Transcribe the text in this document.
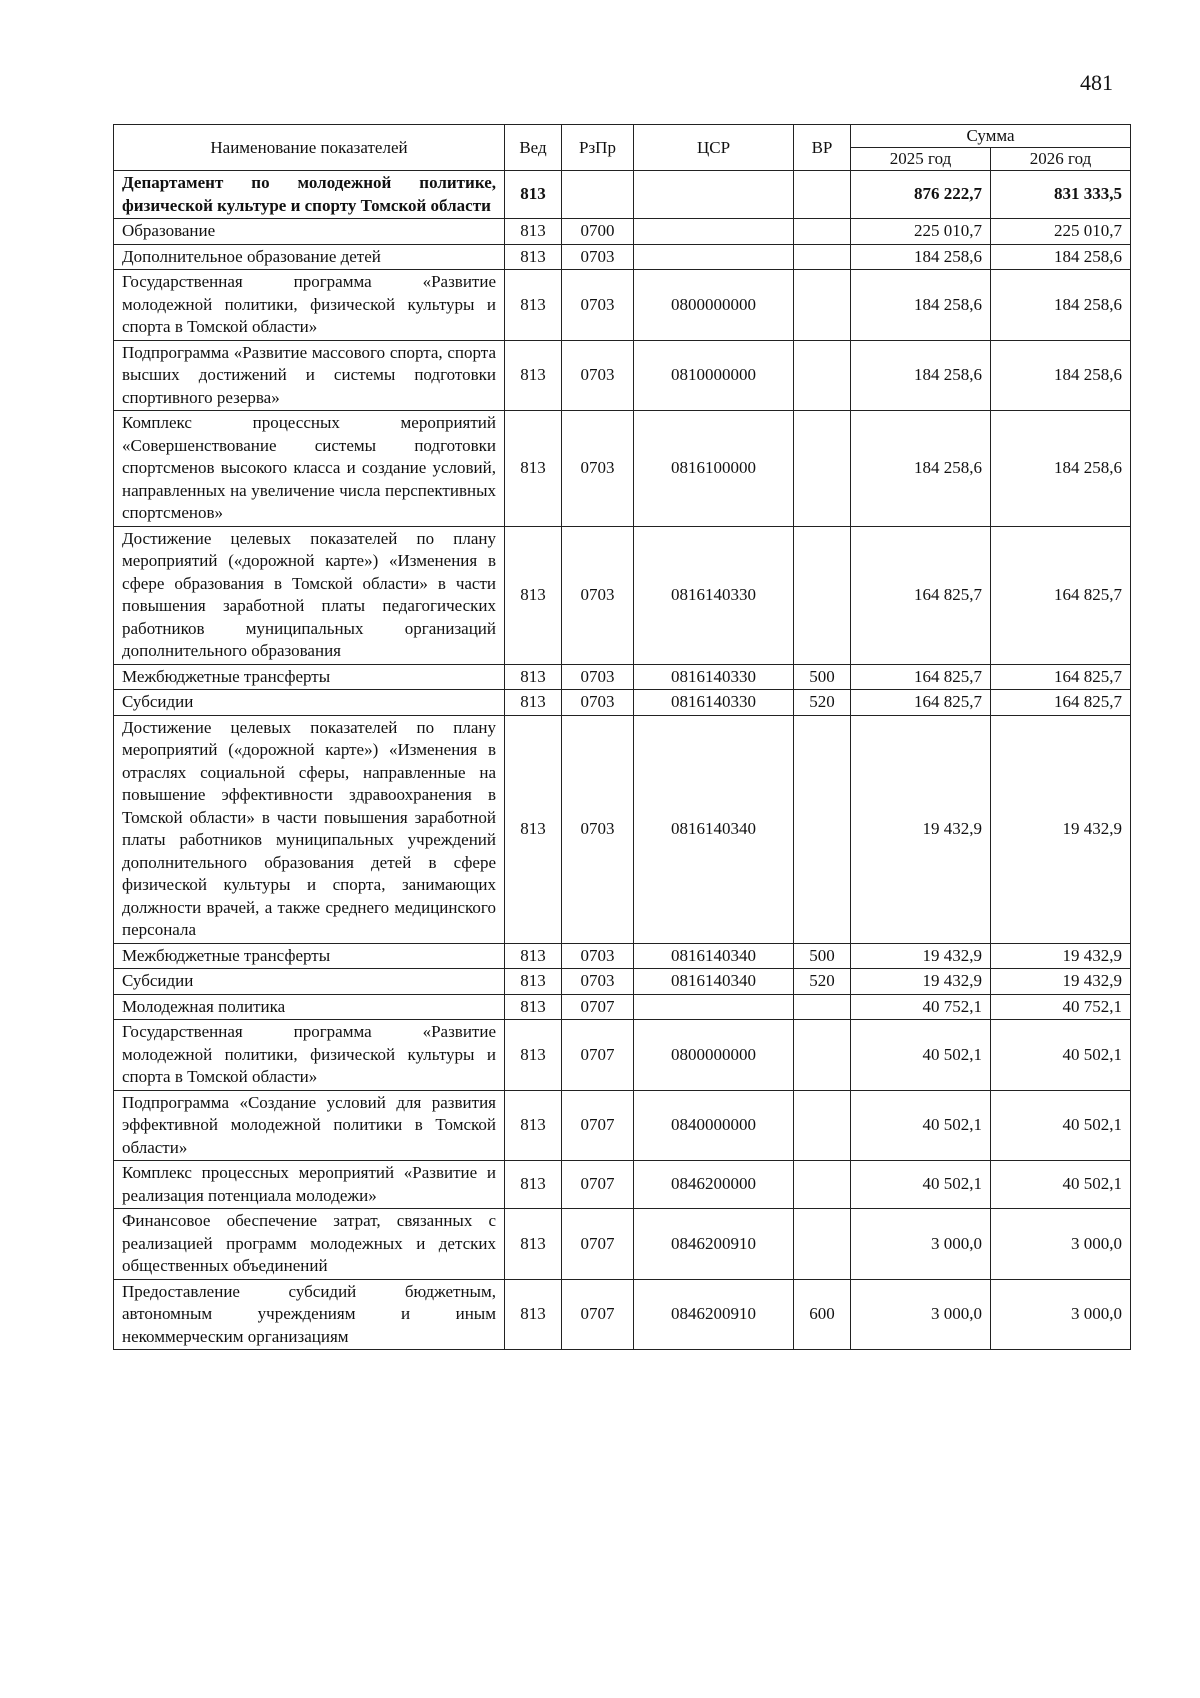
481
Наименование показателей	Вед	РзПр	ЦСР	ВР	Сумма	
					2025 год	2026 год
Департамент по молодежной политике, физической культуре и спорту Томской области	813				876 222,7	831 333,5
Образование	813	0700			225 010,7	225 010,7
Дополнительное образование детей	813	0703			184 258,6	184 258,6
Государственная программа «Развитие молодежной политики, физической культуры и спорта в Томской области»	813	0703	0800000000		184 258,6	184 258,6
Подпрограмма «Развитие массового спорта, спорта высших достижений и системы подготовки спортивного резерва»	813	0703	0810000000		184 258,6	184 258,6
Комплекс процессных мероприятий «Совершенствование системы подготовки спортсменов высокого класса и создание условий, направленных на увеличение числа перспективных спортсменов»	813	0703	0816100000		184 258,6	184 258,6
Достижение целевых показателей по плану мероприятий («дорожной карте») «Изменения в сфере образования в Томской области» в части повышения заработной платы педагогических работников муниципальных организаций дополнительного образования	813	0703	0816140330		164 825,7	164 825,7
Межбюджетные трансферты	813	0703	0816140330	500	164 825,7	164 825,7
Субсидии	813	0703	0816140330	520	164 825,7	164 825,7
Достижение целевых показателей по плану мероприятий («дорожной карте») «Изменения в отраслях социальной сферы, направленные на повышение эффективности здравоохранения в Томской области» в части повышения заработной платы работников муниципальных учреждений дополнительного образования детей в сфере физической культуры и спорта, занимающих должности врачей, а также среднего медицинского персонала	813	0703	0816140340		19 432,9	19 432,9
Межбюджетные трансферты	813	0703	0816140340	500	19 432,9	19 432,9
Субсидии	813	0703	0816140340	520	19 432,9	19 432,9
Молодежная политика	813	0707			40 752,1	40 752,1
Государственная программа «Развитие молодежной политики, физической культуры и спорта в Томской области»	813	0707	0800000000		40 502,1	40 502,1
Подпрограмма «Создание условий для развития эффективной молодежной политики в Томской области»	813	0707	0840000000		40 502,1	40 502,1
Комплекс процессных мероприятий «Развитие и реализация потенциала молодежи»	813	0707	0846200000		40 502,1	40 502,1
Финансовое обеспечение затрат, связанных с реализацией программ молодежных и детских общественных объединений	813	0707	0846200910		3 000,0	3 000,0
Предоставление субсидий бюджетным, автономным учреждениям и иным некоммерческим организациям	813	0707	0846200910	600	3 000,0	3 000,0
